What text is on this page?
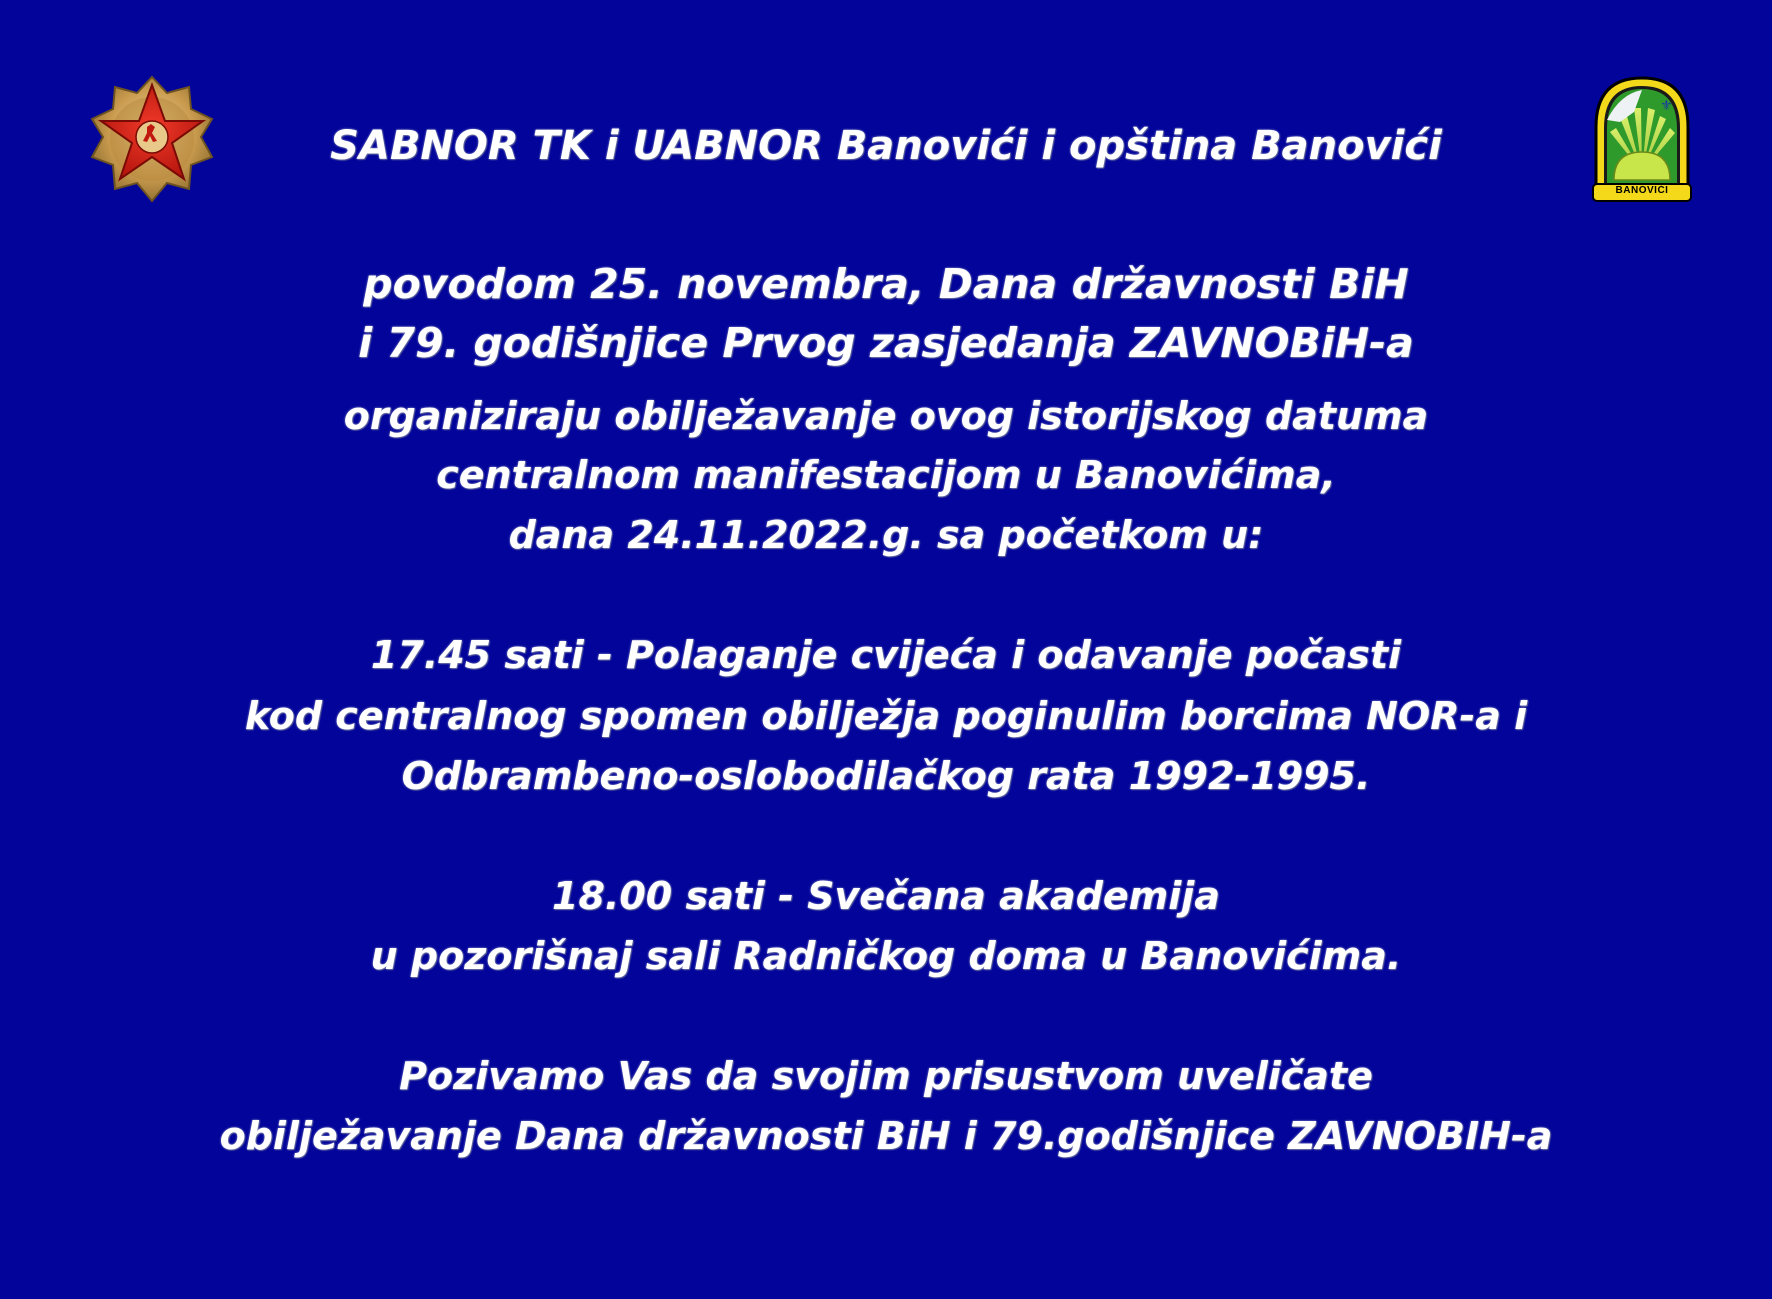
⚜
BANOVIĆI
SABNOR TK i UABNOR Banovići i opština Banovići
povodom 25. novembra, Dana državnosti BiH
i 79. godišnjice Prvog zasjedanja ZAVNOBiH-a
organiziraju obilježavanje ovog istorijskog datuma
centralnom manifestacijom u Banovićima,
dana 24.11.2022.g. sa početkom u:
17.45 sati - Polaganje cvijeća i odavanje počasti
kod centralnog spomen obilježja poginulim borcima NOR-a i
Odbrambeno-oslobodilačkog rata 1992-1995.
18.00 sati - Svečana akademija
u pozorišnaj sali Radničkog doma u Banovićima.
Pozivamo Vas da svojim prisustvom uveličate
obilježavanje Dana državnosti BiH i 79.godišnjice ZAVNOBIH-a
